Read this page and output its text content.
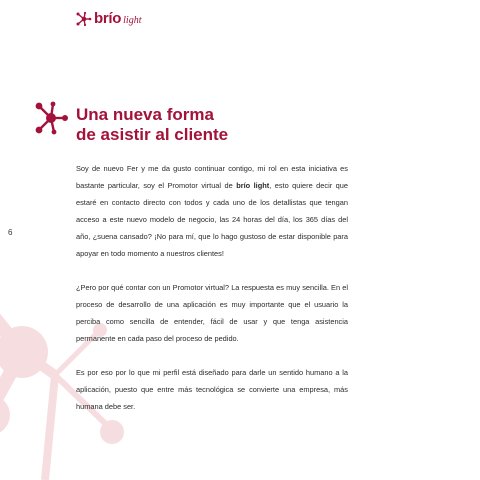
brío light
6
Una nueva forma
de asistir al cliente

Soy de nuevo Fer y me da gusto continuar contigo, mi rol en esta iniciativa es bastante particular, soy el Promotor virtual de brío light, esto quiere decir que estaré en contacto directo con todos y cada uno de los detallistas que tengan acceso a este nuevo modelo de negocio, las 24 horas del día, los 365 días del año, ¿suena cansado? ¡No para mí, que lo hago gustoso de estar disponible para apoyar en todo momento a nuestros clientes!

¿Pero por qué contar con un Promotor virtual? La respuesta es muy sencilla. En el proceso de desarrollo de una aplicación es muy importante que el usuario la perciba como sencilla de entender, fácil de usar y que tenga asistencia permanente en cada paso del proceso de pedido.

Es por eso por lo que mi perfil está diseñado para darle un sentido humano a la aplicación, puesto que entre más tecnológica se convierte una empresa, más humana debe ser.
